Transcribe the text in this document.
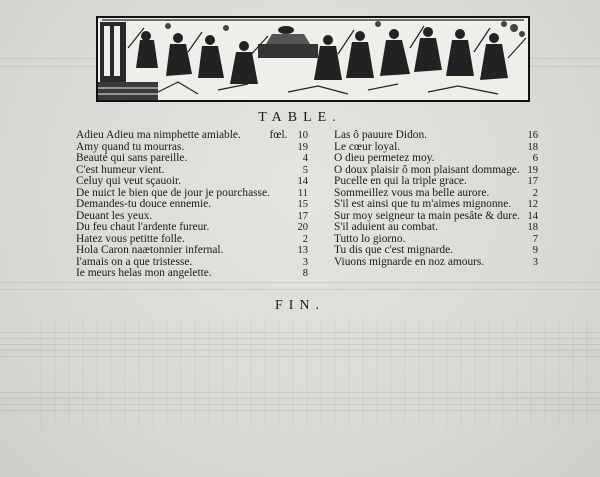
TABLE.
Adieu Adieu ma nimphette amiable.	fœl. 10
Amy quand tu mourras.	19
Beauté qui sans pareille.	4
C'est humeur vient.	5
Celuy qui veut sçauoir.	14
De nuict le bien que de jour je pourchasse.	11
Demandes-tu douce ennemie.	15
Deuant les yeux.	17
Du feu chaut l'ardente fureur.	20
Hatez vous petitte folle.	2
Hola Caron naætonnier infernal.	13
I'amais on a que tristesse.	3
Ie meurs helas mon angelette.	8
Las ô pauure Didon.	16
Le cœur loyal.	18
O dieu permetez moy.	6
O doux plaisir ô mon plaisant dommage. 19
Pucelle en qui la triple grace.	17
Sommeillez vous ma belle aurore.	2
S'il est ainsi que tu m'aimes mignonne.	12
Sur moy seigneur ta main pesâte & dure. 14
S'il aduient au combat.	18
Tutto lo giorno.	7
Tu dis que c'est mignarde.	9
Viuons mignarde en noz amours.	3
FIN.
